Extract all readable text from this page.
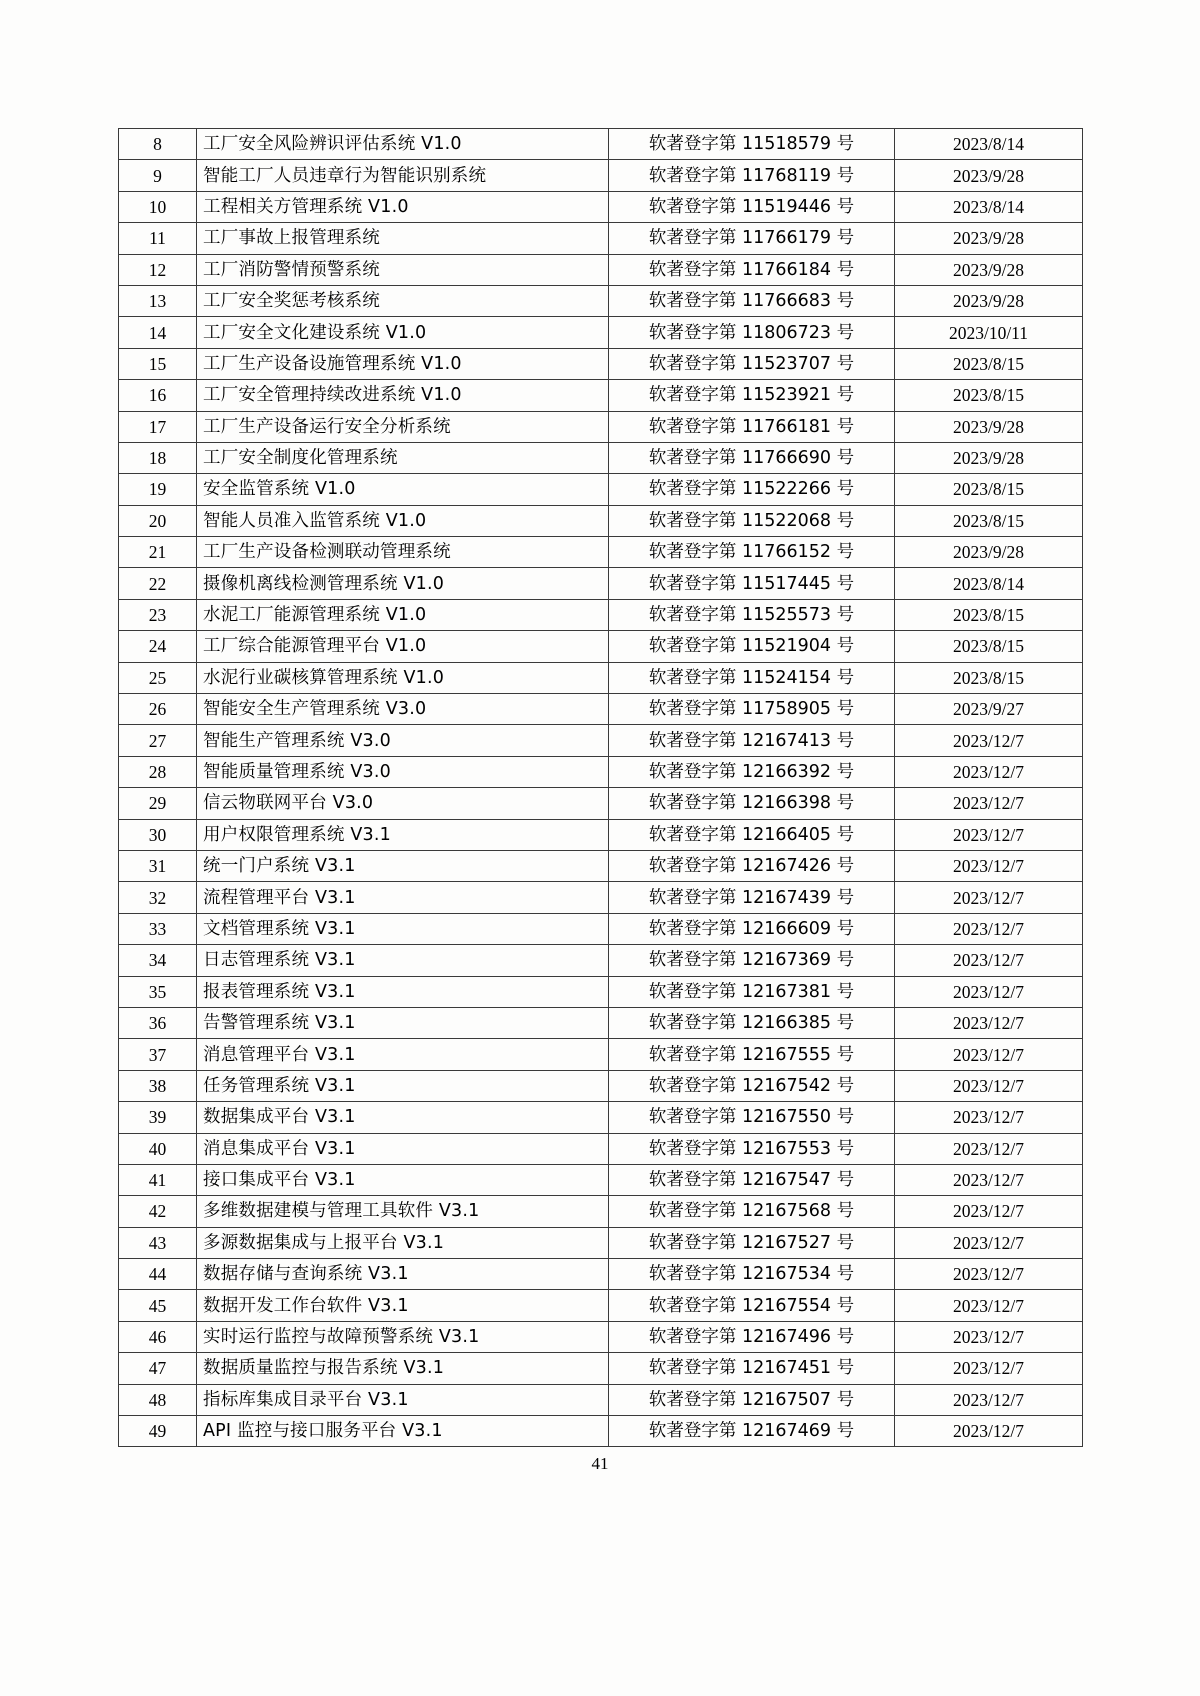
8	工厂安全风险辨识评估系统 V1.0	软著登字第 11518579 号	2023/8/14
9	智能工厂人员违章行为智能识别系统	软著登字第 11768119 号	2023/9/28
10	工程相关方管理系统 V1.0	软著登字第 11519446 号	2023/8/14
11	工厂事故上报管理系统	软著登字第 11766179 号	2023/9/28
12	工厂消防警情预警系统	软著登字第 11766184 号	2023/9/28
13	工厂安全奖惩考核系统	软著登字第 11766683 号	2023/9/28
14	工厂安全文化建设系统 V1.0	软著登字第 11806723 号	2023/10/11
15	工厂生产设备设施管理系统 V1.0	软著登字第 11523707 号	2023/8/15
16	工厂安全管理持续改进系统 V1.0	软著登字第 11523921 号	2023/8/15
17	工厂生产设备运行安全分析系统	软著登字第 11766181 号	2023/9/28
18	工厂安全制度化管理系统	软著登字第 11766690 号	2023/9/28
19	安全监管系统 V1.0	软著登字第 11522266 号	2023/8/15
20	智能人员准入监管系统 V1.0	软著登字第 11522068 号	2023/8/15
21	工厂生产设备检测联动管理系统	软著登字第 11766152 号	2023/9/28
22	摄像机离线检测管理系统 V1.0	软著登字第 11517445 号	2023/8/14
23	水泥工厂能源管理系统 V1.0	软著登字第 11525573 号	2023/8/15
24	工厂综合能源管理平台 V1.0	软著登字第 11521904 号	2023/8/15
25	水泥行业碳核算管理系统 V1.0	软著登字第 11524154 号	2023/8/15
26	智能安全生产管理系统 V3.0	软著登字第 11758905 号	2023/9/27
27	智能生产管理系统 V3.0	软著登字第 12167413 号	2023/12/7
28	智能质量管理系统 V3.0	软著登字第 12166392 号	2023/12/7
29	信云物联网平台 V3.0	软著登字第 12166398 号	2023/12/7
30	用户权限管理系统 V3.1	软著登字第 12166405 号	2023/12/7
31	统一门户系统 V3.1	软著登字第 12167426 号	2023/12/7
32	流程管理平台 V3.1	软著登字第 12167439 号	2023/12/7
33	文档管理系统 V3.1	软著登字第 12166609 号	2023/12/7
34	日志管理系统 V3.1	软著登字第 12167369 号	2023/12/7
35	报表管理系统 V3.1	软著登字第 12167381 号	2023/12/7
36	告警管理系统 V3.1	软著登字第 12166385 号	2023/12/7
37	消息管理平台 V3.1	软著登字第 12167555 号	2023/12/7
38	任务管理系统 V3.1	软著登字第 12167542 号	2023/12/7
39	数据集成平台 V3.1	软著登字第 12167550 号	2023/12/7
40	消息集成平台 V3.1	软著登字第 12167553 号	2023/12/7
41	接口集成平台 V3.1	软著登字第 12167547 号	2023/12/7
42	多维数据建模与管理工具软件 V3.1	软著登字第 12167568 号	2023/12/7
43	多源数据集成与上报平台 V3.1	软著登字第 12167527 号	2023/12/7
44	数据存储与查询系统 V3.1	软著登字第 12167534 号	2023/12/7
45	数据开发工作台软件 V3.1	软著登字第 12167554 号	2023/12/7
46	实时运行监控与故障预警系统 V3.1	软著登字第 12167496 号	2023/12/7
47	数据质量监控与报告系统 V3.1	软著登字第 12167451 号	2023/12/7
48	指标库集成目录平台 V3.1	软著登字第 12167507 号	2023/12/7
49	API 监控与接口服务平台 V3.1	软著登字第 12167469 号	2023/12/7
41
